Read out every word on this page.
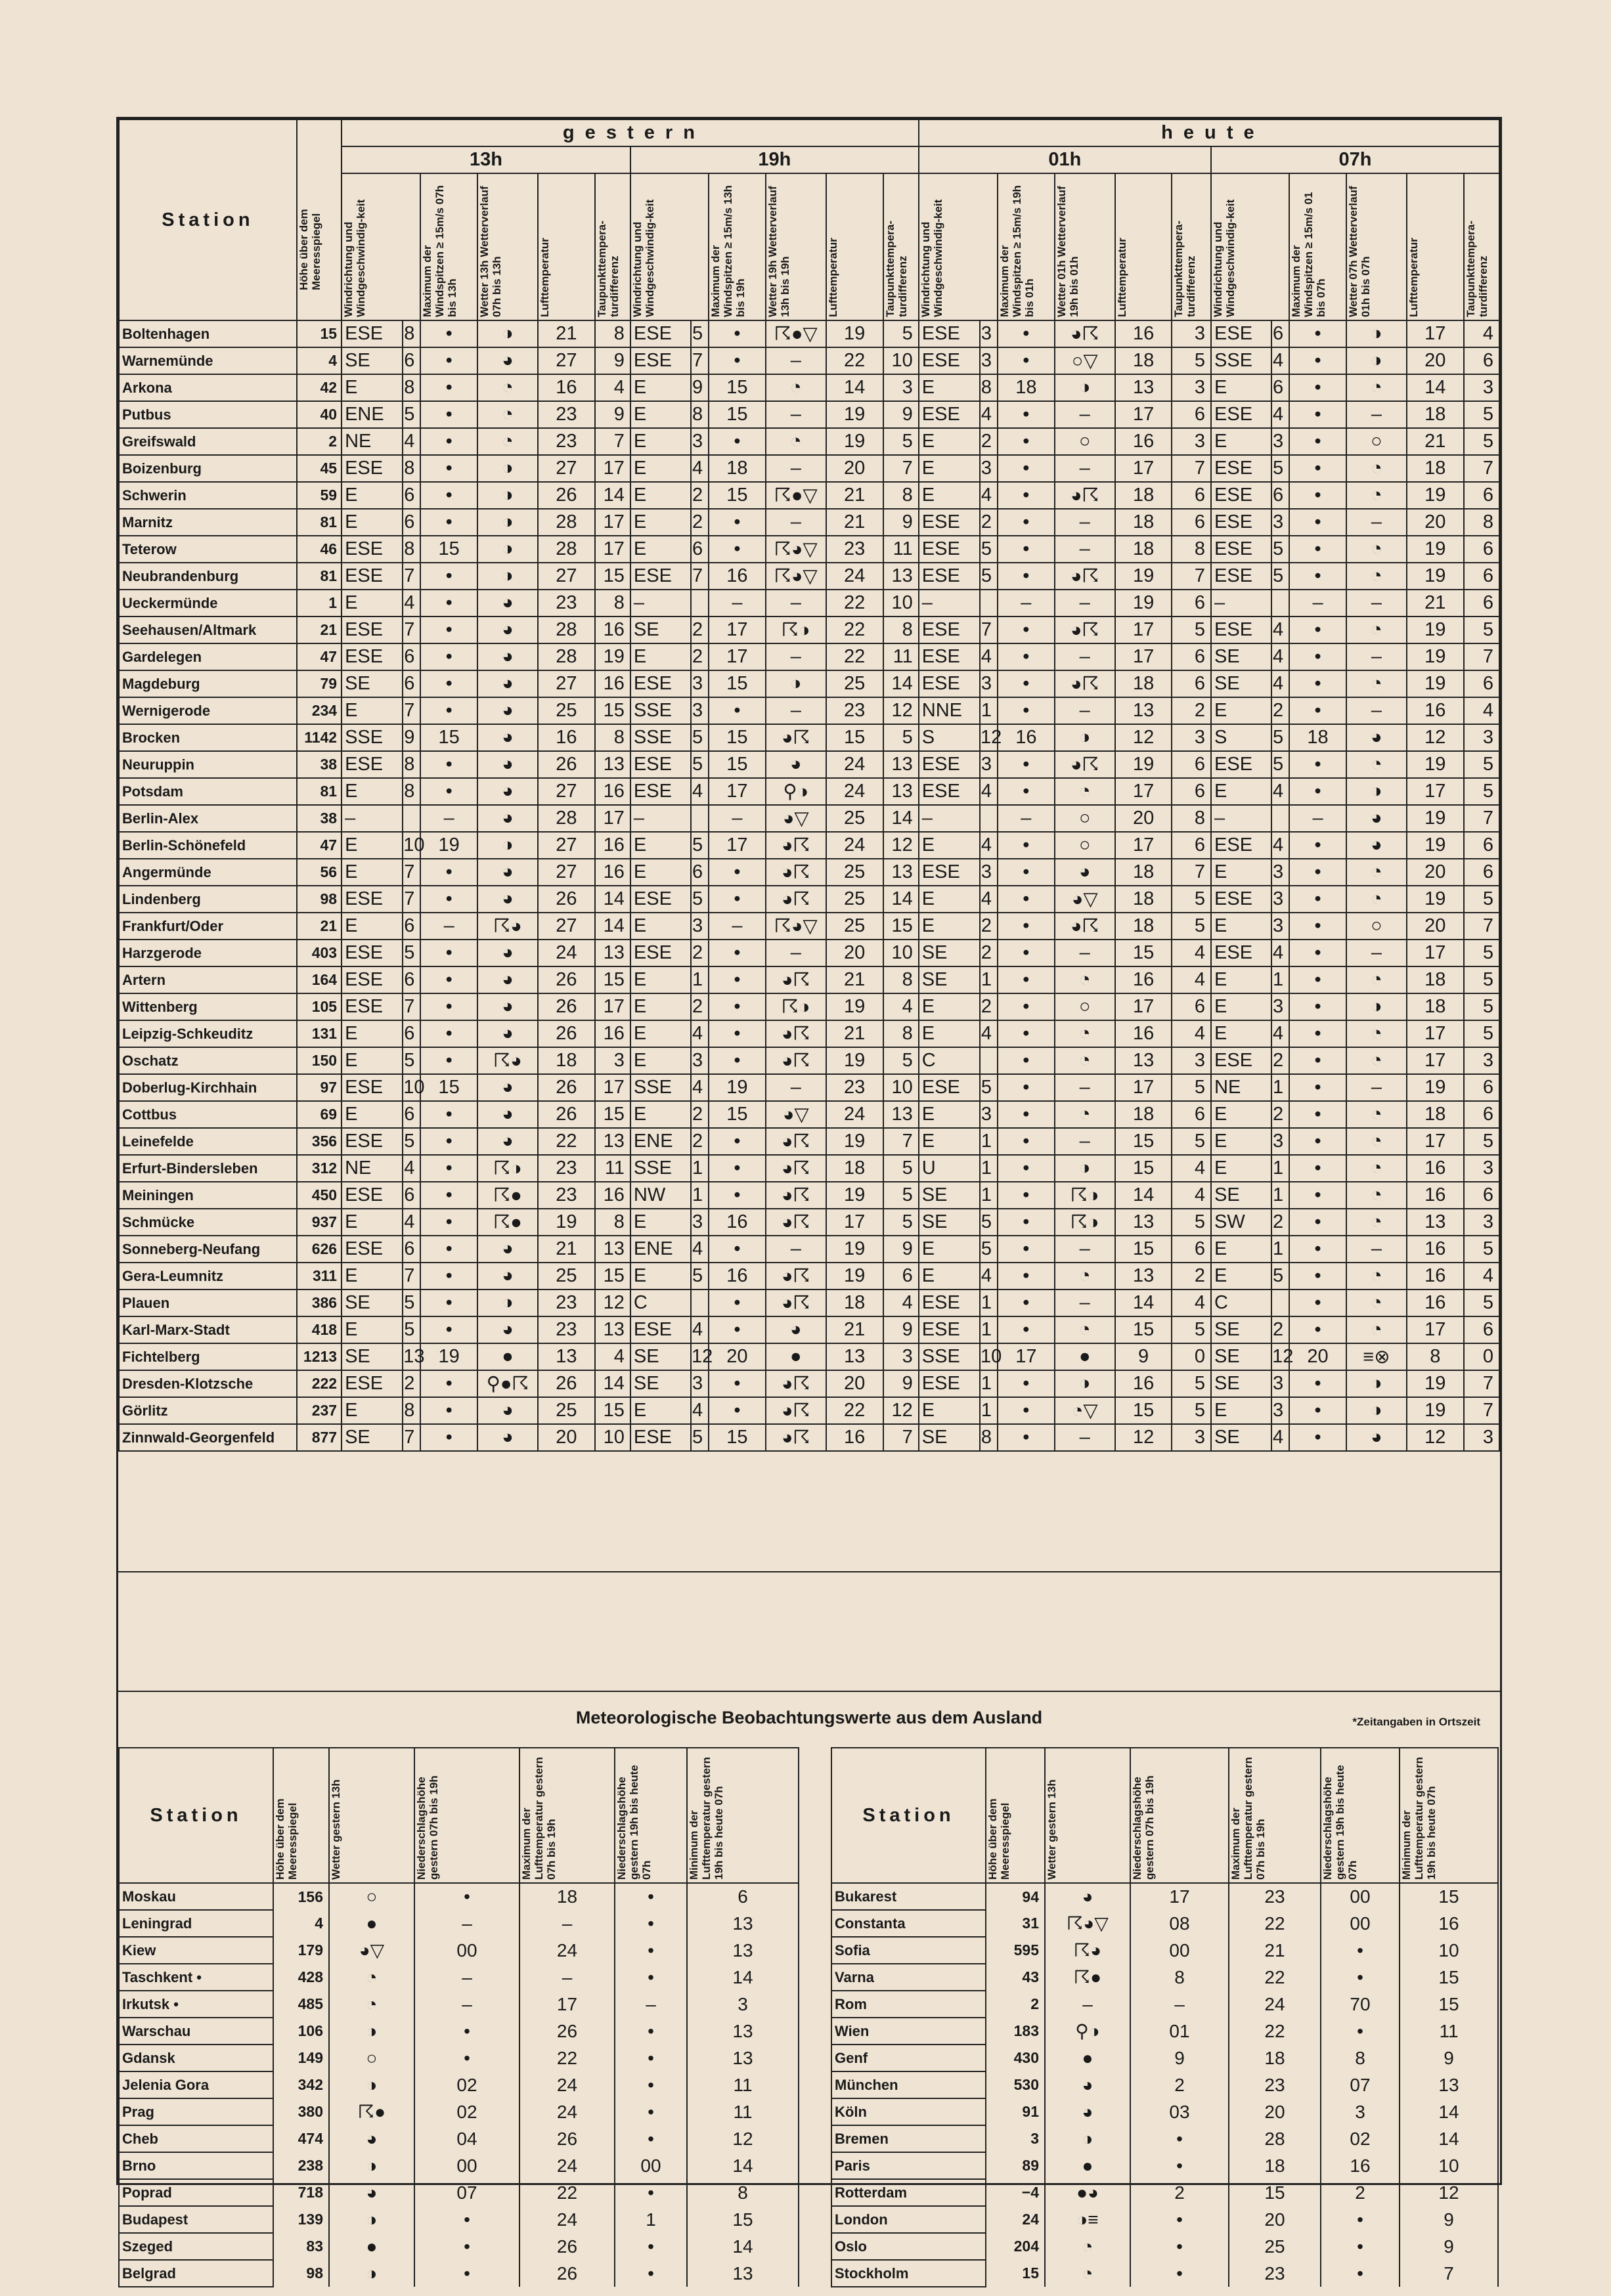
Station	Höhe über dem Meeresspiegel	g e s t e r n												h e u t e											
		13h						19h						01h						07h					

		Windrichtung und Windgeschwindig-keit		Maximum der Windspitzen ≥ 15m/s 07h bis 13h	Wetter 13h Wetterverlauf 07h bis 13h	Lufttemperatur	Taupunkttempera-turdifferenz	Windrichtung und Windgeschwindig-keit		Maximum der Windspitzen ≥ 15m/s 13h bis 19h	Wetter 19h Wetterverlauf 13h bis 19h	Lufttemperatur	Taupunkttempera-turdifferenz	Windrichtung und Windgeschwindig-keit		Maximum der Windspitzen ≥ 15m/s 19h bis 01h	Wetter 01h Wetterverlauf 19h bis 01h	Lufttemperatur	Taupunkttempera-turdifferenz	Windrichtung und Windgeschwindig-keit		Maximum der Windspitzen ≥ 15m/s 01 bis 07h	Wetter 07h Wetterverlauf 01h bis 07h	Lufttemperatur	Taupunkttempera-turdifferenz

Boltenhagen	15	ESE	8	•	◑	21	8	ESE	5	•	☈●▽	19	5	ESE	3	•	◕☈	16	3	ESE	6	•	◑	17	4
Warnemünde	4	SE	6	•	◕	27	9	ESE	7	•	–	22	10	ESE	3	•	○▽	18	5	SSE	4	•	◑	20	6
Arkona	42	E	8	•	◔	16	4	E	9	15	◔	14	3	E	8	18	◑	13	3	E	6	•	◔	14	3
Putbus	40	ENE	5	•	◔	23	9	E	8	15	–	19	9	ESE	4	•	–	17	6	ESE	4	•	–	18	5
Greifswald	2	NE	4	•	◔	23	7	E	3	•	◔	19	5	E	2	•	○	16	3	E	3	•	○	21	5
Boizenburg	45	ESE	8	•	◑	27	17	E	4	18	–	20	7	E	3	•	–	17	7	ESE	5	•	◔	18	7
Schwerin	59	E	6	•	◑	26	14	E	2	15	☈●▽	21	8	E	4	•	◕☈	18	6	ESE	6	•	◔	19	6
Marnitz	81	E	6	•	◑	28	17	E	2	•	–	21	9	ESE	2	•	–	18	6	ESE	3	•	–	20	8
Teterow	46	ESE	8	15	◑	28	17	E	6	•	☈◕▽	23	11	ESE	5	•	–	18	8	ESE	5	•	◔	19	6
Neubrandenburg	81	ESE	7	•	◑	27	15	ESE	7	16	☈◕▽	24	13	ESE	5	•	◕☈	19	7	ESE	5	•	◔	19	6
Ueckermünde	1	E	4	•	◕	23	8	–		–	–	22	10	–		–	–	19	6	–		–	–	21	6
Seehausen/Altmark	21	ESE	7	•	◕	28	16	SE	2	17	☈◑	22	8	ESE	7	•	◕☈	17	5	ESE	4	•	◔	19	5
Gardelegen	47	ESE	6	•	◕	28	19	E	2	17	–	22	11	ESE	4	•	–	17	6	SE	4	•	–	19	7
Magdeburg	79	SE	6	•	◕	27	16	ESE	3	15	◑	25	14	ESE	3	•	◕☈	18	6	SE	4	•	◔	19	6
Wernigerode	234	E	7	•	◕	25	15	SSE	3	•	–	23	12	NNE	1	•	–	13	2	E	2	•	–	16	4
Brocken	1142	SSE	9	15	◕	16	8	SSE	5	15	◕☈	15	5	S	12	16	◑	12	3	S	5	18	◕	12	3
Neuruppin	38	ESE	8	•	◕	26	13	ESE	5	15	◕	24	13	ESE	3	•	◕☈	19	6	ESE	5	•	◔	19	5
Potsdam	81	E	8	•	◕	27	16	ESE	4	17	⚲◑	24	13	ESE	4	•	◔	17	6	E	4	•	◑	17	5
Berlin-Alex	38	–		–	◕	28	17	–		–	◕▽	25	14	–		–	○	20	8	–		–	◕	19	7
Berlin-Schönefeld	47	E	10	19	◑	27	16	E	5	17	◕☈	24	12	E	4	•	○	17	6	ESE	4	•	◕	19	6
Angermünde	56	E	7	•	◕	27	16	E	6	•	◕☈	25	13	ESE	3	•	◕	18	7	E	3	•	◔	20	6
Lindenberg	98	ESE	7	•	◕	26	14	ESE	5	•	◕☈	25	14	E	4	•	◕▽	18	5	ESE	3	•	◔	19	5
Frankfurt/Oder	21	E	6	–	☈◕	27	14	E	3	–	☈◕▽	25	15	E	2	•	◕☈	18	5	E	3	•	○	20	7
Harzgerode	403	ESE	5	•	◕	24	13	ESE	2	•	–	20	10	SE	2	•	–	15	4	ESE	4	•	–	17	5
Artern	164	ESE	6	•	◕	26	15	E	1	•	◕☈	21	8	SE	1	•	◔	16	4	E	1	•	◔	18	5
Wittenberg	105	ESE	7	•	◕	26	17	E	2	•	☈◑	19	4	E	2	•	○	17	6	E	3	•	◑	18	5
Leipzig-Schkeuditz	131	E	6	•	◕	26	16	E	4	•	◕☈	21	8	E	4	•	◔	16	4	E	4	•	◔	17	5
Oschatz	150	E	5	•	☈◕	18	3	E	3	•	◕☈	19	5	C		•	◔	13	3	ESE	2	•	◔	17	3
Doberlug-Kirchhain	97	ESE	10	15	◕	26	17	SSE	4	19	–	23	10	ESE	5	•	–	17	5	NE	1	•	–	19	6
Cottbus	69	E	6	•	◕	26	15	E	2	15	◕▽	24	13	E	3	•	◔	18	6	E	2	•	◔	18	6
Leinefelde	356	ESE	5	•	◕	22	13	ENE	2	•	◕☈	19	7	E	1	•	–	15	5	E	3	•	◔	17	5
Erfurt-Bindersleben	312	NE	4	•	☈◑	23	11	SSE	1	•	◕☈	18	5	U	1	•	◑	15	4	E	1	•	◔	16	3
Meiningen	450	ESE	6	•	☈●	23	16	NW	1	•	◕☈	19	5	SE	1	•	☈◑	14	4	SE	1	•	◔	16	6
Schmücke	937	E	4	•	☈●	19	8	E	3	16	◕☈	17	5	SE	5	•	☈◑	13	5	SW	2	•	◔	13	3
Sonneberg-Neufang	626	ESE	6	•	◕	21	13	ENE	4	•	–	19	9	E	5	•	–	15	6	E	1	•	–	16	5
Gera-Leumnitz	311	E	7	•	◕	25	15	E	5	16	◕☈	19	6	E	4	•	◔	13	2	E	5	•	◔	16	4
Plauen	386	SE	5	•	◑	23	12	C		•	◕☈	18	4	ESE	1	•	–	14	4	C		•	◔	16	5
Karl-Marx-Stadt	418	E	5	•	◕	23	13	ESE	4	•	◕	21	9	ESE	1	•	◔	15	5	SE	2	•	◔	17	6
Fichtelberg	1213	SE	13	19	●	13	4	SE	12	20	●	13	3	SSE	10	17	●	9	0	SE	12	20	≡⊗	8	0
Dresden-Klotzsche	222	ESE	2	•	⚲●☈	26	14	SE	3	•	◕☈	20	9	ESE	1	•	◑	16	5	SE	3	•	◑	19	7
Görlitz	237	E	8	•	◕	25	15	E	4	•	◕☈	22	12	E	1	•	◔▽	15	5	E	3	•	◑	19	7
Zinnwald-Georgenfeld	877	SE	7	•	◕	20	10	ESE	5	15	◕☈	16	7	SE	8	•	–	12	3	SE	4	•	◕	12	3
Meteorologische Beobachtungswerte aus dem Ausland	*Zeitangaben in Ortszeit
Station	Höhe über dem Meeresspiegel	Wetter gestern 13h	Niederschlagshöhe gestern 07h bis 19h	Maximum der Lufttemperatur gestern 07h bis 19h	Niederschlagshöhe gestern 19h bis heute 07h	Minimum der Lufttemperatur gestern 19h bis heute 07h

Moskau	156	○	•	18	•	6
Leningrad	4	●	–	–	•	13
Kiew	179	◕▽	00	24	•	13
Taschkent •	428	◔	–	–	•	14
Irkutsk •	485	◔	–	17	–	3
Warschau	106	◑	•	26	•	13
Gdansk	149	○	•	22	•	13
Jelenia Gora	342	◑	02	24	•	11
Prag	380	☈●	02	24	•	11
Cheb	474	◕	04	26	•	12
Brno	238	◑	00	24	00	14
Poprad	718	◕	07	22	•	8
Budapest	139	◑	•	24	1	15
Szeged	83	●	•	26	•	14
Belgrad	98	◑	•	26	•	13
Station	Höhe über dem Meeresspiegel	Wetter gestern 13h	Niederschlagshöhe gestern 07h bis 19h	Maximum der Lufttemperatur gestern 07h bis 19h	Niederschlagshöhe gestern 19h bis heute 07h	Minimum der Lufttemperatur gestern 19h bis heute 07h

Bukarest	94	◕	17	23	00	15
Constanta	31	☈◕▽	08	22	00	16
Sofia	595	☈◕	00	21	•	10
Varna	43	☈●	8	22	•	15
Rom	2	–	–	24	70	15
Wien	183	⚲◑	01	22	•	11
Genf	430	●	9	18	8	9
München	530	◕	2	23	07	13
Köln	91	◕	03	20	3	14
Bremen	3	◑	•	28	02	14
Paris	89	●	•	18	16	10
Rotterdam	−4	●◕	2	15	2	12
London	24	◑≡	•	20	•	9
Oslo	204	◔	•	25	•	9
Stockholm	15	◔	•	23	•	7
